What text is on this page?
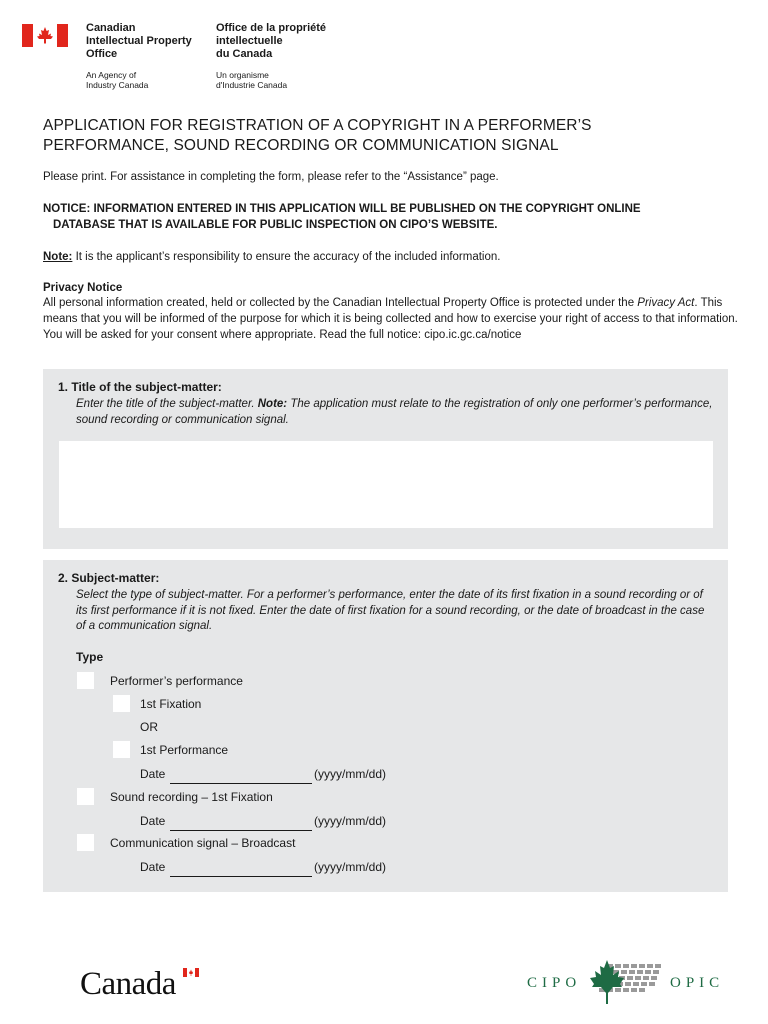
Canadian
Intellectual Property
Office
An Agency of
Industry Canada
Office de la propriété
intellectuelle
du Canada
Un organisme
d'Industrie Canada
APPLICATION FOR REGISTRATION OF A COPYRIGHT IN A PERFORMER’S
PERFORMANCE, SOUND RECORDING OR COMMUNICATION SIGNAL
Please print. For assistance in completing the form, please refer to the “Assistance” page.
NOTICE: INFORMATION ENTERED IN THIS APPLICATION WILL BE PUBLISHED ON THE COPYRIGHT ONLINE
DATABASE THAT IS AVAILABLE FOR PUBLIC INSPECTION ON CIPO’S WEBSITE.
Note: It is the applicant’s responsibility to ensure the accuracy of the included information.
Privacy Notice
All personal information created, held or collected by the Canadian Intellectual Property Office is protected under the Privacy Act. This means that you will be informed of the purpose for which it is being collected and how to exercise your right of access to that information. You will be asked for your consent where appropriate. Read the full notice: cipo.ic.gc.ca/notice
1. Title of the subject-matter:
Enter the title of the subject-matter. Note: The application must relate to the registration of only one performer’s performance, sound recording or communication signal.
2. Subject-matter:
Select the type of subject-matter. For a performer’s performance, enter the date of its first fixation in a sound recording or of its first performance if it is not fixed. Enter the date of first fixation for a sound recording, or the date of broadcast in the case of a communication signal.
Type
Performer’s performance
1st Fixation
OR
1st Performance
Date	(yyyy/mm/dd)
Sound recording – 1st Fixation
Date	(yyyy/mm/dd)
Communication signal – Broadcast
Date	(yyyy/mm/dd)
Canada	CIPO	OPIC
